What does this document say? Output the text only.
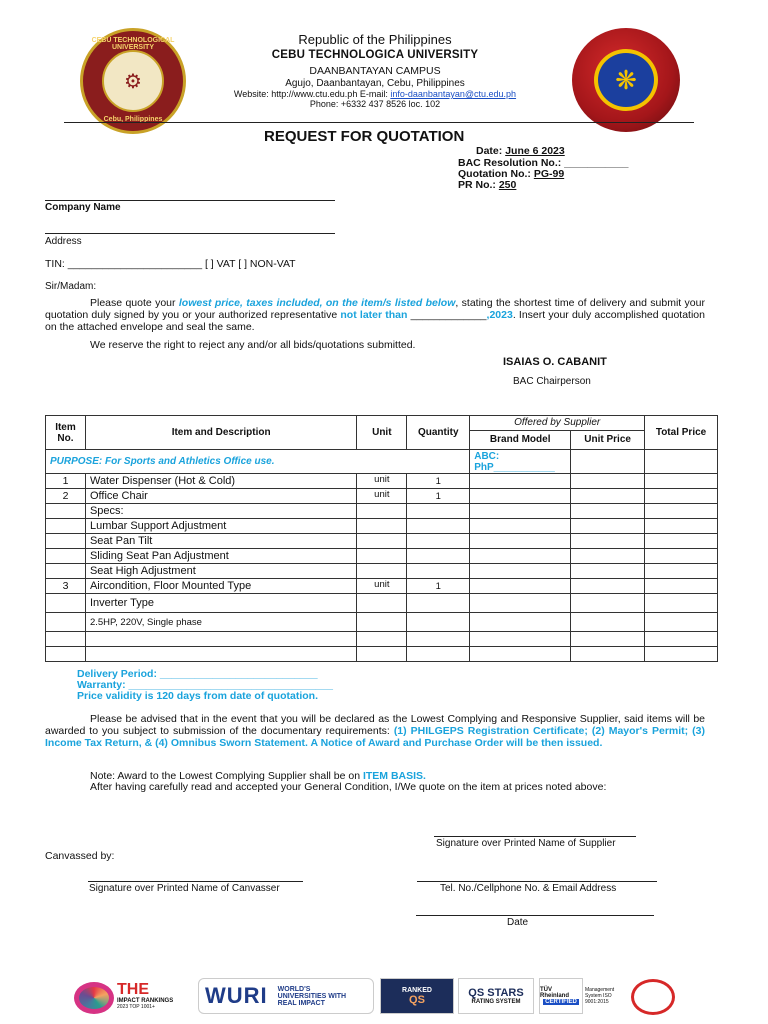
CEBU TECHNOLOGICAL UNIVERSITY
⚙
Cebu, Philippines
❋
Republic of the Philippines
CEBU TECHNOLOGICA UNIVERSITY
DAANBANTAYAN CAMPUS
Agujo, Daanbantayan, Cebu, Philippines
Website: http://www.ctu.edu.ph E-mail: info-daanbantayan@ctu.edu.ph
Phone: +6332 437 8526 loc. 102
REQUEST FOR QUOTATION
Date: June 6 2023
BAC Resolution No.: ___________
Quotation No.: PG-99
PR No.: 250
Company Name
Address
TIN: _______________________ [ ] VAT [ ] NON-VAT
Sir/Madam:
Please quote your lowest price, taxes included, on the item/s listed below, stating the shortest time of delivery and submit your quotation duly signed by you or your authorized representative not later than _____________,2023. Insert your duly accomplished quotation on the attached envelope and seal the same.
We reserve the right to reject any and/or all bids/quotations submitted.
ISAIAS O. CABANIT
BAC Chairperson
Item No.	Item and Description	Unit	Quantity	Offered by Supplier		Total Price
				Brand Model	Unit Price	
PURPOSE: For Sports and Athletics Office use.				ABC:
PhP___________		

1	Water Dispenser (Hot & Cold)	unit	1			
2	Office Chair	unit	1			
	Specs:					
	Lumbar Support Adjustment					
	Seat Pan Tilt					
	Sliding Seat Pan Adjustment					
	Seat High Adjustment					
3	Aircondition, Floor Mounted Type	unit	1			
	Inverter Type					
	2.5HP, 220V, Single phase					

Delivery Period: ___________________________
Warranty: ___________________________________
Price validity is 120 days from date of quotation.
Please be advised that in the event that you will be declared as the Lowest Complying and Responsive Supplier, said items will be awarded to you subject to submission of the documentary requirements: (1) PHILGEPS Registration Certificate; (2) Mayor's Permit; (3) Income Tax Return, & (4) Omnibus Sworn Statement. A Notice of Award and Purchase Order will be then issued.
Note: Award to the Lowest Complying Supplier shall be on ITEM BASIS.
After having carefully read and accepted your General Condition, I/We quote on the item at prices noted above:
Signature over Printed Name of Supplier
Canvassed by:
Signature over Printed Name of Canvasser	Tel. No./Cellphone No. & Email Address
Date
THE
IMPACT RANKINGS
2023 TOP 1001+ WURI WORLD'S UNIVERSITIES WITH REAL IMPACT
RANKED
QS
QS STARS
RATING SYSTEM
TÜV Rheinland
CERTIFIED
Management System ISO 9001:2015
